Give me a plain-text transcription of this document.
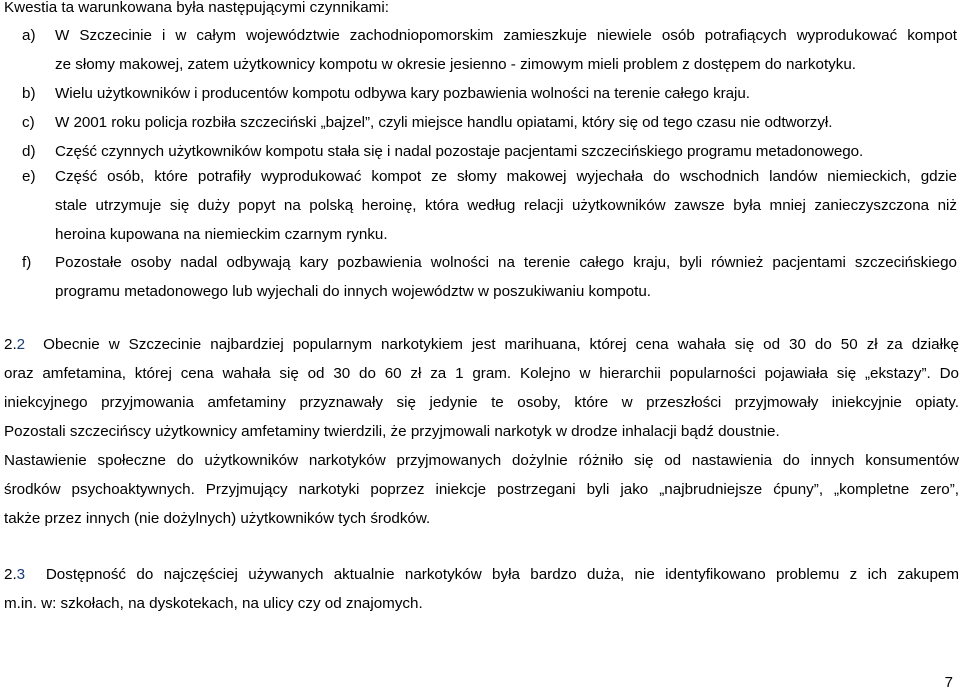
Kwestia ta warunkowana była następującymi czynnikami:
a)	W Szczecinie i w całym województwie zachodniopomorskim zamieszkuje niewiele osób potrafiących wyprodukować kompot
ze słomy makowej, zatem użytkownicy kompotu w okresie jesienno - zimowym mieli problem z dostępem do narkotyku.
b)	Wielu użytkowników i producentów kompotu odbywa kary pozbawienia wolności na terenie całego kraju.
c)	W 2001 roku policja rozbiła szczeciński „bajzel”, czyli miejsce handlu opiatami, który się od tego czasu nie odtworzył.
d)	Część czynnych użytkowników kompotu stała się i nadal pozostaje pacjentami szczecińskiego programu metadonowego.
e)	Część osób, które potrafiły wyprodukować kompot ze słomy makowej wyjechała do wschodnich landów niemieckich, gdzie
stale utrzymuje się duży popyt na polską heroinę, która według relacji użytkowników zawsze była mniej zanieczyszczona niż
heroina kupowana na niemieckim czarnym rynku.
f)	Pozostałe osoby nadal odbywają kary pozbawienia wolności na terenie całego kraju, byli również pacjentami szczecińskiego
programu metadonowego lub wyjechali do innych województw w poszukiwaniu kompotu.
2.2 Obecnie w Szczecinie najbardziej popularnym narkotykiem jest marihuana, której cena wahała się od 30 do 50 zł za działkę
oraz amfetamina, której cena wahała się od 30 do 60 zł za 1 gram. Kolejno w hierarchii popularności pojawiała się „ekstazy”. Do
iniekcyjnego przyjmowania amfetaminy przyznawały się jedynie te osoby, które w przeszłości przyjmowały iniekcyjnie opiaty.
Pozostali szczecińscy użytkownicy amfetaminy twierdzili, że przyjmowali narkotyk w drodze inhalacji bądź doustnie.
Nastawienie społeczne do użytkowników narkotyków przyjmowanych dożylnie różniło się od nastawienia do innych konsumentów
środków psychoaktywnych. Przyjmujący narkotyki poprzez iniekcje postrzegani byli jako „najbrudniejsze ćpuny”, „kompletne zero”,
także przez innych (nie dożylnych) użytkowników tych środków.
2.3 Dostępność do najczęściej używanych aktualnie narkotyków była bardzo duża, nie identyfikowano problemu z ich zakupem
m.in. w: szkołach, na dyskotekach, na ulicy czy od znajomych.
7
